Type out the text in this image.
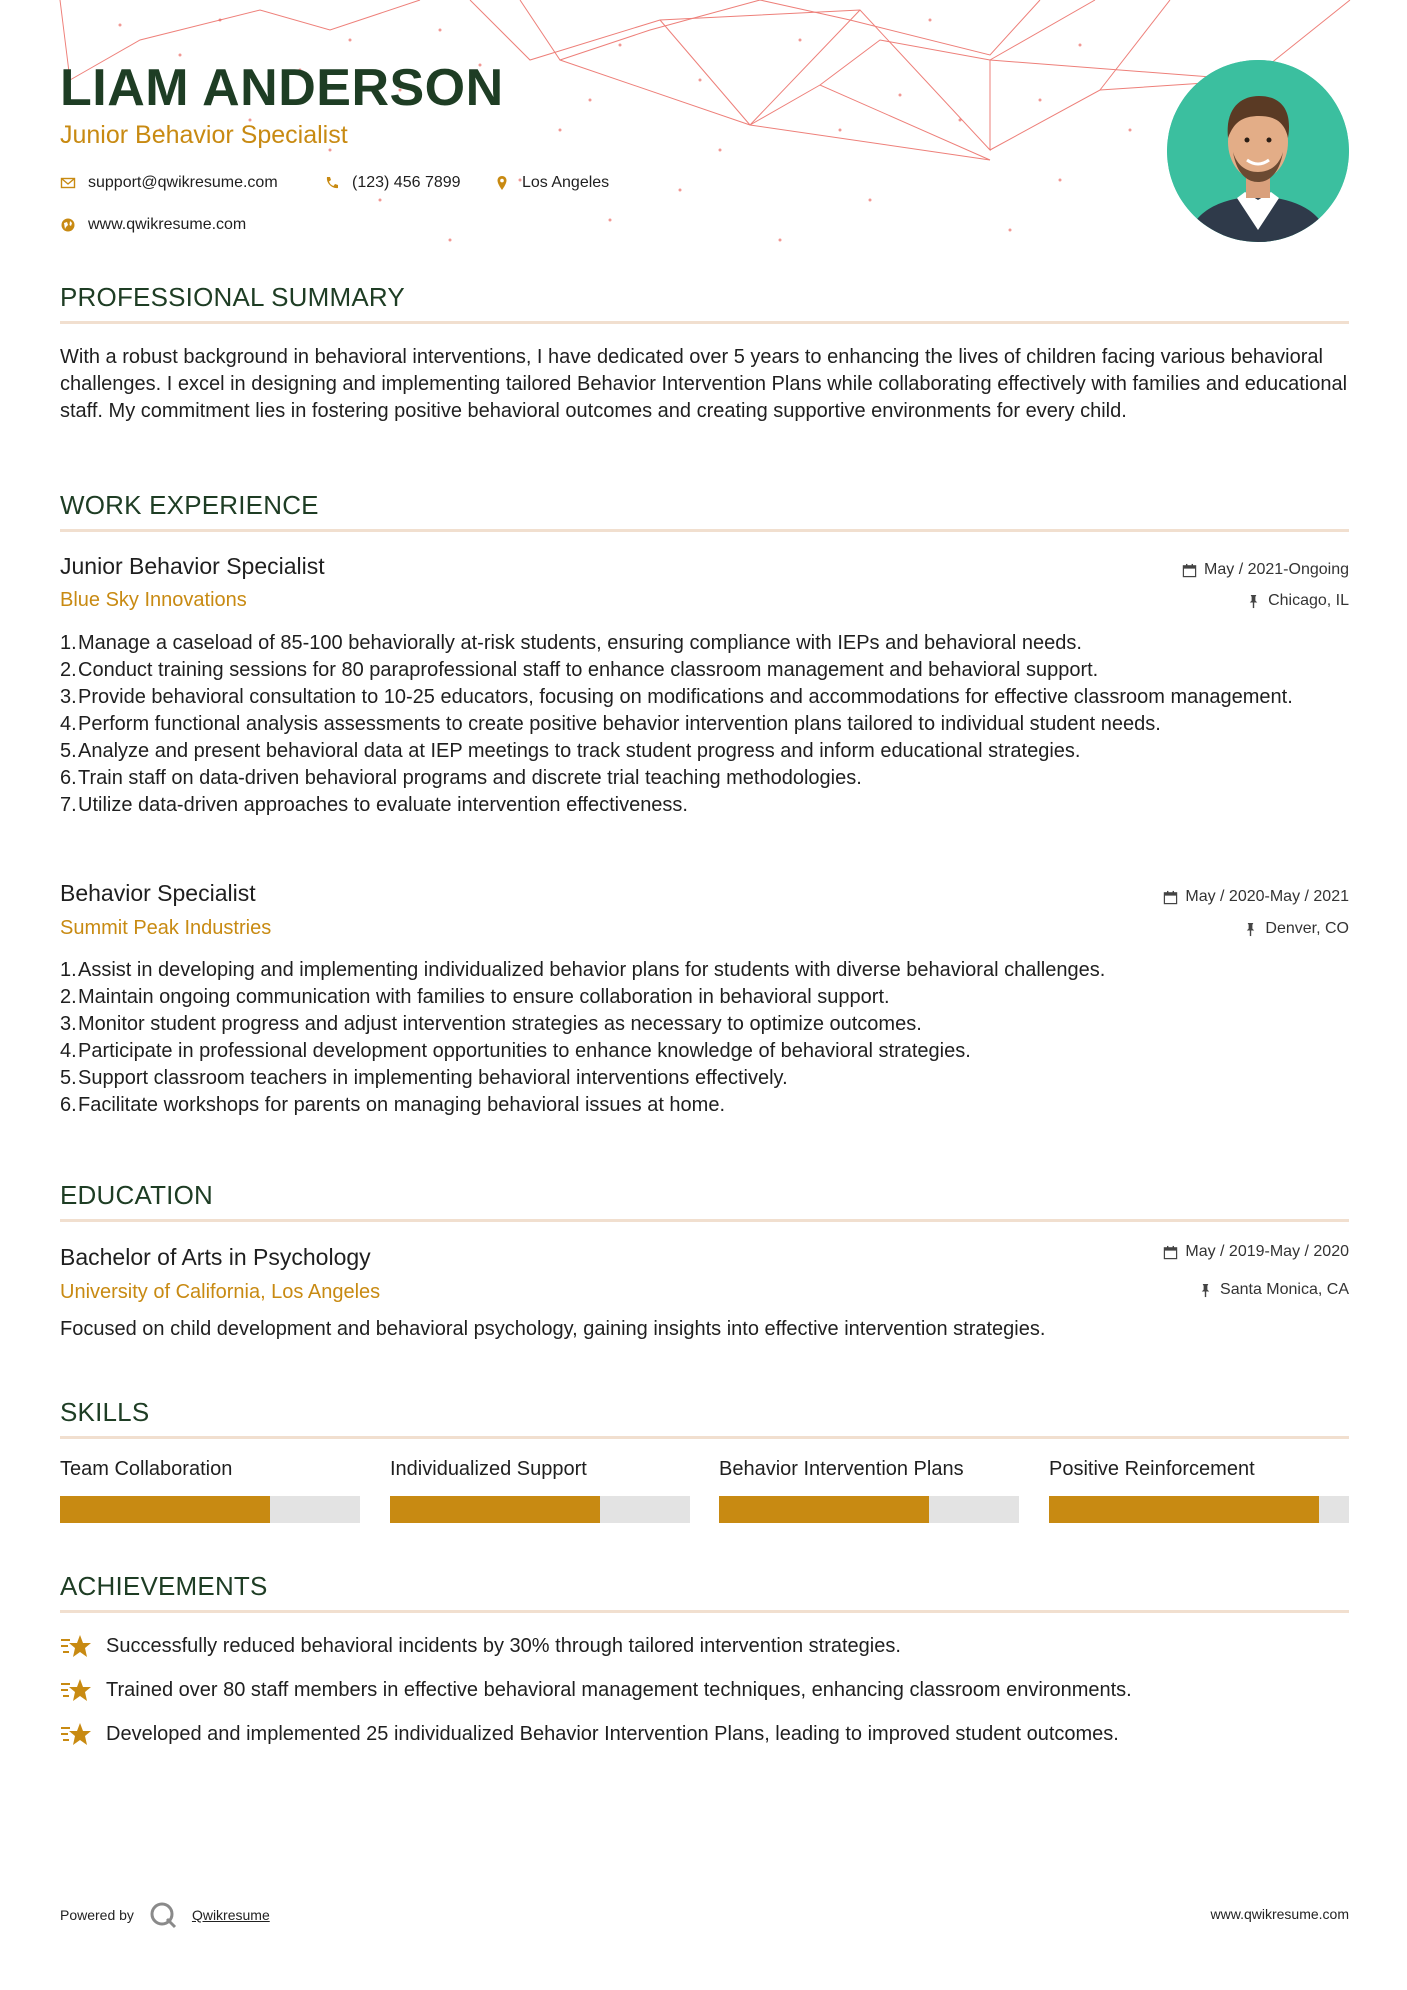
LIAM ANDERSON
Junior Behavior Specialist
support@qwikresume.com	(123) 456 7899	Los Angeles
www.qwikresume.com
PROFESSIONAL SUMMARY

With a robust background in behavioral interventions, I have dedicated over 5 years to enhancing the lives of children facing various behavioral challenges. I excel in designing and implementing tailored Behavior Intervention Plans while collaborating effectively with families and educational staff. My commitment lies in fostering positive behavioral outcomes and creating supportive environments for every child.

WORK EXPERIENCE
Junior Behavior Specialist	May / 2021-Ongoing
Blue Sky Innovations	Chicago, IL
1. Manage a caseload of 85-100 behaviorally at-risk students, ensuring compliance with IEPs and behavioral needs.
2. Conduct training sessions for 80 paraprofessional staff to enhance classroom management and behavioral support.
3. Provide behavioral consultation to 10-25 educators, focusing on modifications and accommodations for effective classroom management.
4. Perform functional analysis assessments to create positive behavior intervention plans tailored to individual student needs.
5. Analyze and present behavioral data at IEP meetings to track student progress and inform educational strategies.
6. Train staff on data-driven behavioral programs and discrete trial teaching methodologies.
7. Utilize data-driven approaches to evaluate intervention effectiveness.
Behavior Specialist	May / 2020-May / 2021
Summit Peak Industries	Denver, CO
1. Assist in developing and implementing individualized behavior plans for students with diverse behavioral challenges.
2. Maintain ongoing communication with families to ensure collaboration in behavioral support.
3. Monitor student progress and adjust intervention strategies as necessary to optimize outcomes.
4. Participate in professional development opportunities to enhance knowledge of behavioral strategies.
5. Support classroom teachers in implementing behavioral interventions effectively.
6. Facilitate workshops for parents on managing behavioral issues at home.
EDUCATION
Bachelor of Arts in Psychology	May / 2019-May / 2020
University of California, Los Angeles	Santa Monica, CA

Focused on child development and behavioral psychology, gaining insights into effective intervention strategies.

SKILLS
Team Collaboration	Individualized Support	Behavior Intervention Plans	Positive Reinforcement
ACHIEVEMENTS
Successfully reduced behavioral incidents by 30% through tailored intervention strategies.
Trained over 80 staff members in effective behavioral management techniques, enhancing classroom environments.
Developed and implemented 25 individualized Behavior Intervention Plans, leading to improved student outcomes.
Powered by	Qwikresume	www.qwikresume.com
